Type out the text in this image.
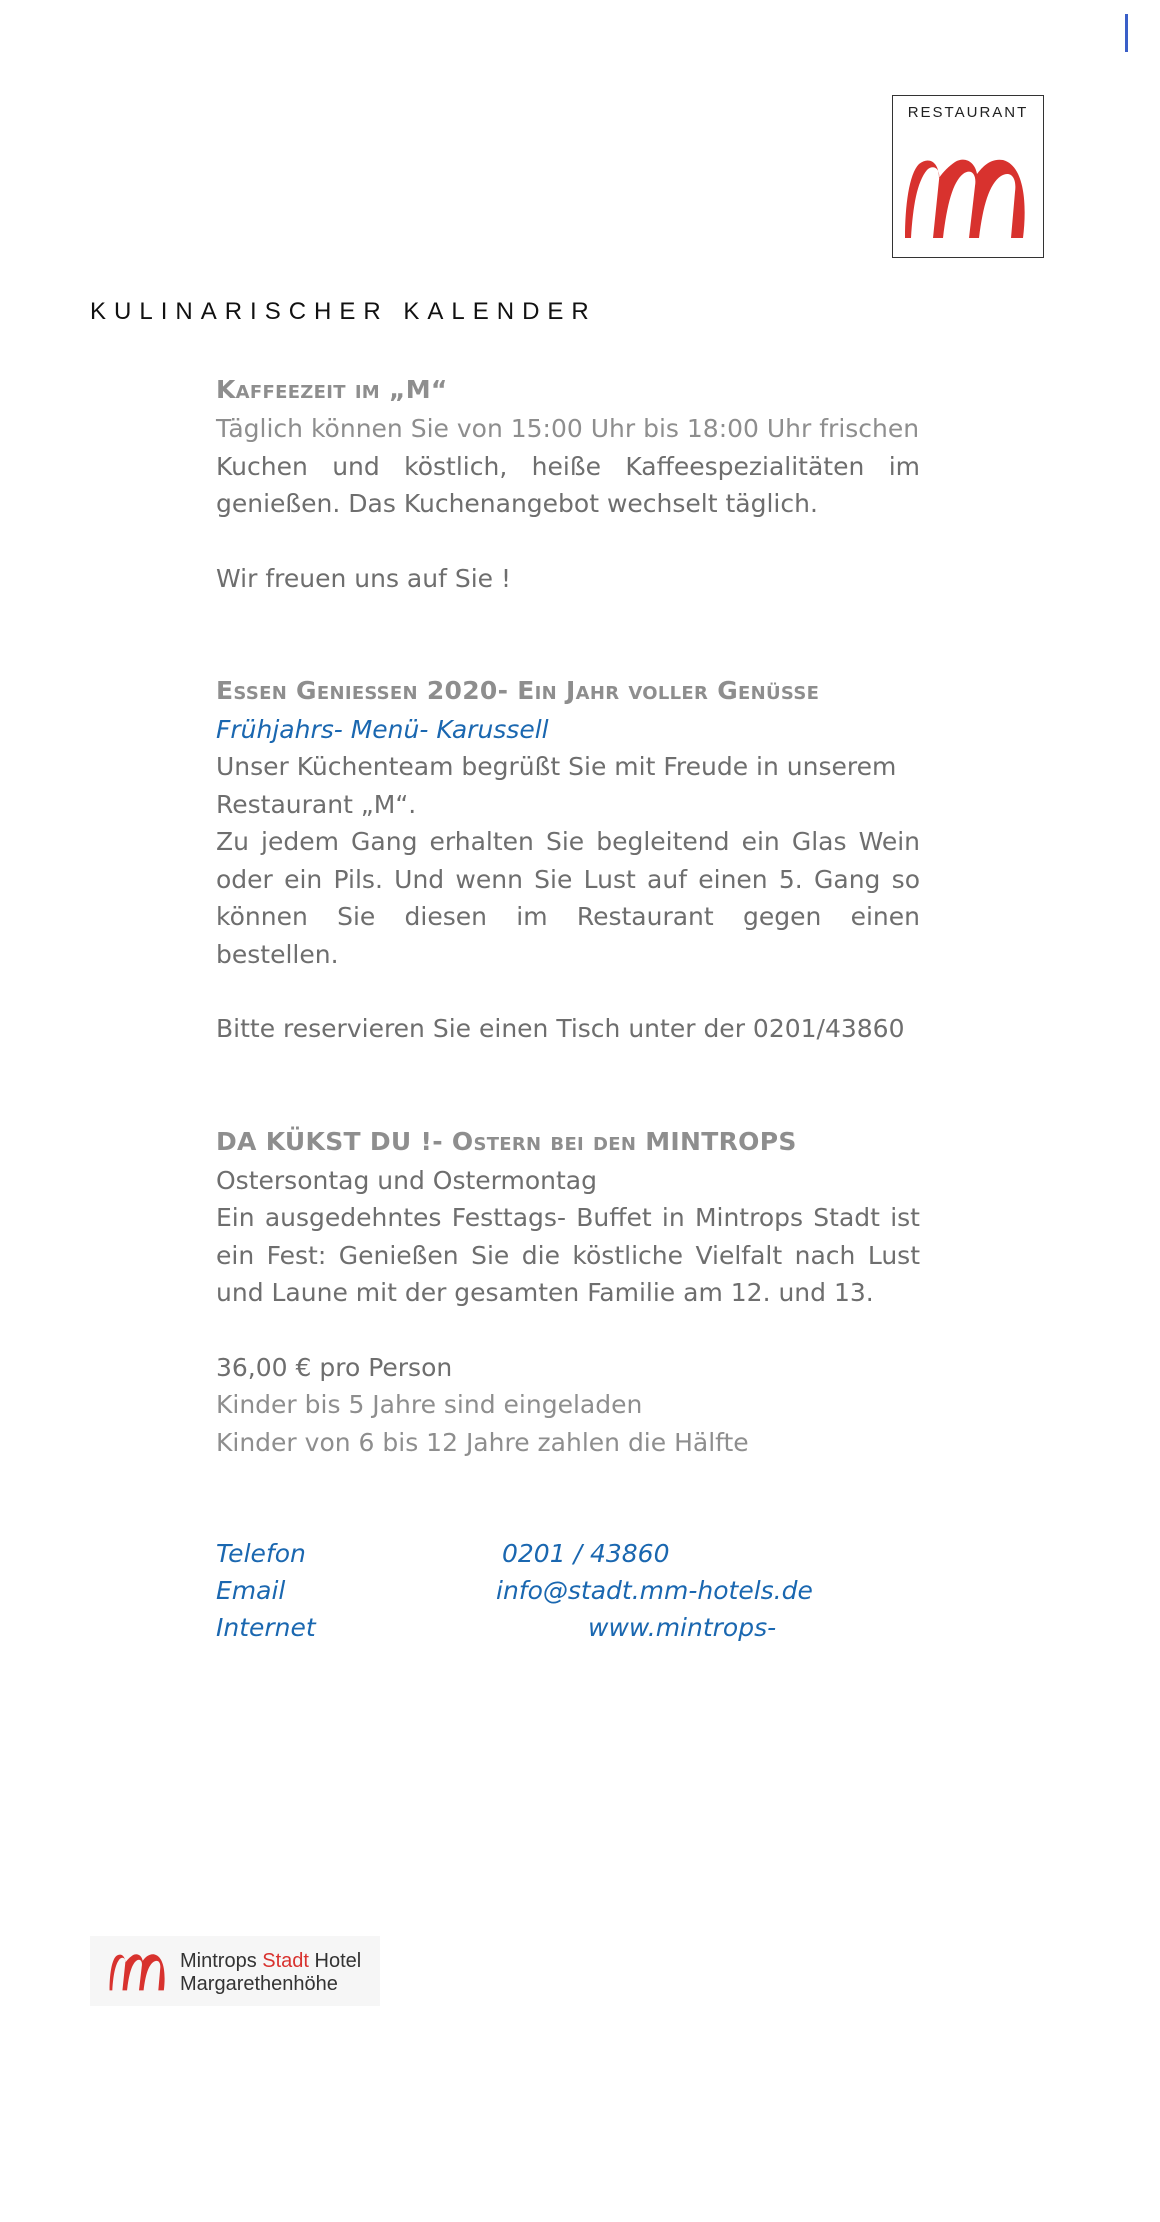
RESTAURANT
KULINARISCHER KALENDER
Kaffeezeit im „M“
Täglich können Sie von 15:00 Uhr bis 18:00 Uhr frischen
Kuchen und köstlich, heiße Kaffeespezialitäten im genießen. Das Kuchenangebot wechselt täglich.
Wir freuen uns auf Sie !
Essen Genießen 2020- Ein Jahr voller Genüsse
Frühjahrs- Menü- Karussell
Unser Küchenteam begrüßt Sie mit Freude in unserem Restaurant „M“.
Zu jedem Gang erhalten Sie begleitend ein Glas Wein oder ein Pils. Und wenn Sie Lust auf einen 5. Gang so können Sie diesen im Restaurant gegen einen bestellen.
Bitte reservieren Sie einen Tisch unter der 0201/43860
DA KÜKST DU !- Ostern bei den MINTROPS
Ostersontag und Ostermontag
Ein ausgedehntes Festtags- Buffet in Mintrops Stadt ist ein Fest: Genießen Sie die köstliche Vielfalt nach Lust und Laune mit der gesamten Familie am 12. und 13.
36,00 € pro Person
Kinder bis 5 Jahre sind eingeladen
Kinder von 6 bis 12 Jahre zahlen die Hälfte
Telefon	0201 / 43860
Email	info@stadt.mm-hotels.de
Internet	www.mintrops-
Mintrops Stadt Hotel
Margarethenhöhe
